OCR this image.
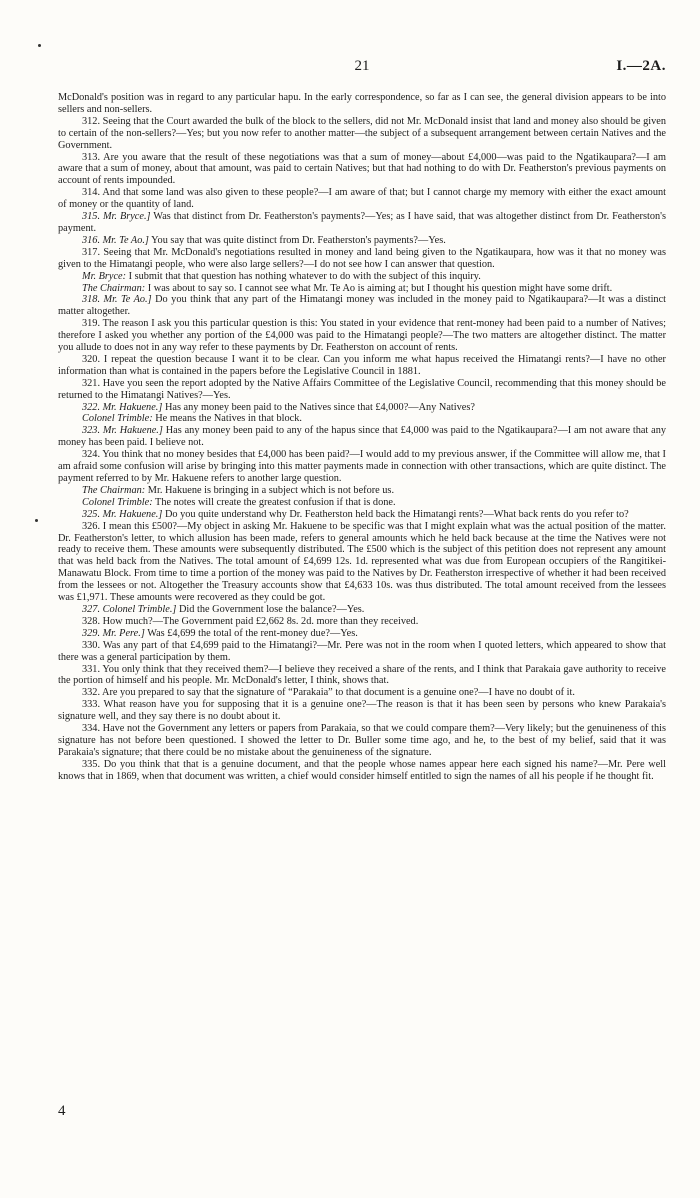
21	I.—2A.

McDonald's position was in regard to any particular hapu. In the early correspondence, so far as I can see, the general division appears to be into sellers and non-sellers.

312. Seeing that the Court awarded the bulk of the block to the sellers, did not Mr. McDonald insist that land and money also should be given to certain of the non-sellers?—Yes; but you now refer to another matter—the subject of a subsequent arrangement between certain Natives and the Government.

313. Are you aware that the result of these negotiations was that a sum of money—about £4,000—was paid to the Ngatikaupara?—I am aware that a sum of money, about that amount, was paid to certain Natives; but that had nothing to do with Dr. Featherston's previous payments on account of rents impounded.

314. And that some land was also given to these people?—I am aware of that; but I cannot charge my memory with either the exact amount of money or the quantity of land.

315. Mr. Bryce.] Was that distinct from Dr. Featherston's payments?—Yes; as I have said, that was altogether distinct from Dr. Featherston's payment.

316. Mr. Te Ao.] You say that was quite distinct from Dr. Featherston's payments?—Yes.

317. Seeing that Mr. McDonald's negotiations resulted in money and land being given to the Ngatikaupara, how was it that no money was given to the Himatangi people, who were also large sellers?—I do not see how I can answer that question.

Mr. Bryce: I submit that that question has nothing whatever to do with the subject of this inquiry.

The Chairman: I was about to say so. I cannot see what Mr. Te Ao is aiming at; but I thought his question might have some drift.

318. Mr. Te Ao.] Do you think that any part of the Himatangi money was included in the money paid to Ngatikaupara?—It was a distinct matter altogether.

319. The reason I ask you this particular question is this: You stated in your evidence that rent-money had been paid to a number of Natives; therefore I asked you whether any portion of the £4,000 was paid to the Himatangi people?—The two matters are altogether distinct. The matter you allude to does not in any way refer to these payments by Dr. Featherston on account of rents.

320. I repeat the question because I want it to be clear. Can you inform me what hapus received the Himatangi rents?—I have no other information than what is contained in the papers before the Legislative Council in 1881.

321. Have you seen the report adopted by the Native Affairs Committee of the Legislative Council, recommending that this money should be returned to the Himatangi Natives?—Yes.

322. Mr. Hakuene.] Has any money been paid to the Natives since that £4,000?—Any Natives?

Colonel Trimble: He means the Natives in that block.

323. Mr. Hakuene.] Has any money been paid to any of the hapus since that £4,000 was paid to the Ngatikaupara?—I am not aware that any money has been paid. I believe not.

324. You think that no money besides that £4,000 has been paid?—I would add to my previous answer, if the Committee will allow me, that I am afraid some confusion will arise by bringing into this matter payments made in connection with other transactions, which are quite distinct. The payment referred to by Mr. Hakuene refers to another large question.

The Chairman: Mr. Hakuene is bringing in a subject which is not before us.

Colonel Trimble: The notes will create the greatest confusion if that is done.

325. Mr. Hakuene.] Do you quite understand why Dr. Featherston held back the Himatangi rents?—What back rents do you refer to?

326. I mean this £500?—My object in asking Mr. Hakuene to be specific was that I might explain what was the actual position of the matter. Dr. Featherston's letter, to which allusion has been made, refers to general amounts which he held back because at the time the Natives were not ready to receive them. These amounts were subsequently distributed. The £500 which is the subject of this petition does not represent any amount that was held back from the Natives. The total amount of £4,699 12s. 1d. represented what was due from European occupiers of the Rangitikei-Manawatu Block. From time to time a portion of the money was paid to the Natives by Dr. Featherston irrespective of whether it had been received from the lessees or not. Altogether the Treasury accounts show that £4,633 10s. was thus distributed. The total amount received from the lessees was £1,971. These amounts were recovered as they could be got.

327. Colonel Trimble.] Did the Government lose the balance?—Yes.

328. How much?—The Government paid £2,662 8s. 2d. more than they received.

329. Mr. Pere.] Was £4,699 the total of the rent-money due?—Yes.

330. Was any part of that £4,699 paid to the Himatangi?—Mr. Pere was not in the room when I quoted letters, which appeared to show that there was a general participation by them.

331. You only think that they received them?—I believe they received a share of the rents, and I think that Parakaia gave authority to receive the portion of himself and his people. Mr. McDonald's letter, I think, shows that.

332. Are you prepared to say that the signature of “Parakaia” to that document is a genuine one?—I have no doubt of it.

333. What reason have you for supposing that it is a genuine one?—The reason is that it has been seen by persons who knew Parakaia's signature well, and they say there is no doubt about it.

334. Have not the Government any letters or papers from Parakaia, so that we could compare them?—Very likely; but the genuineness of this signature has not before been questioned. I showed the letter to Dr. Buller some time ago, and he, to the best of my belief, said that it was Parakaia's signature; that there could be no mistake about the genuineness of the signature.

335. Do you think that that is a genuine document, and that the people whose names appear here each signed his name?—Mr. Pere well knows that in 1869, when that document was written, a chief would consider himself entitled to sign the names of all his people if he thought fit.

4
